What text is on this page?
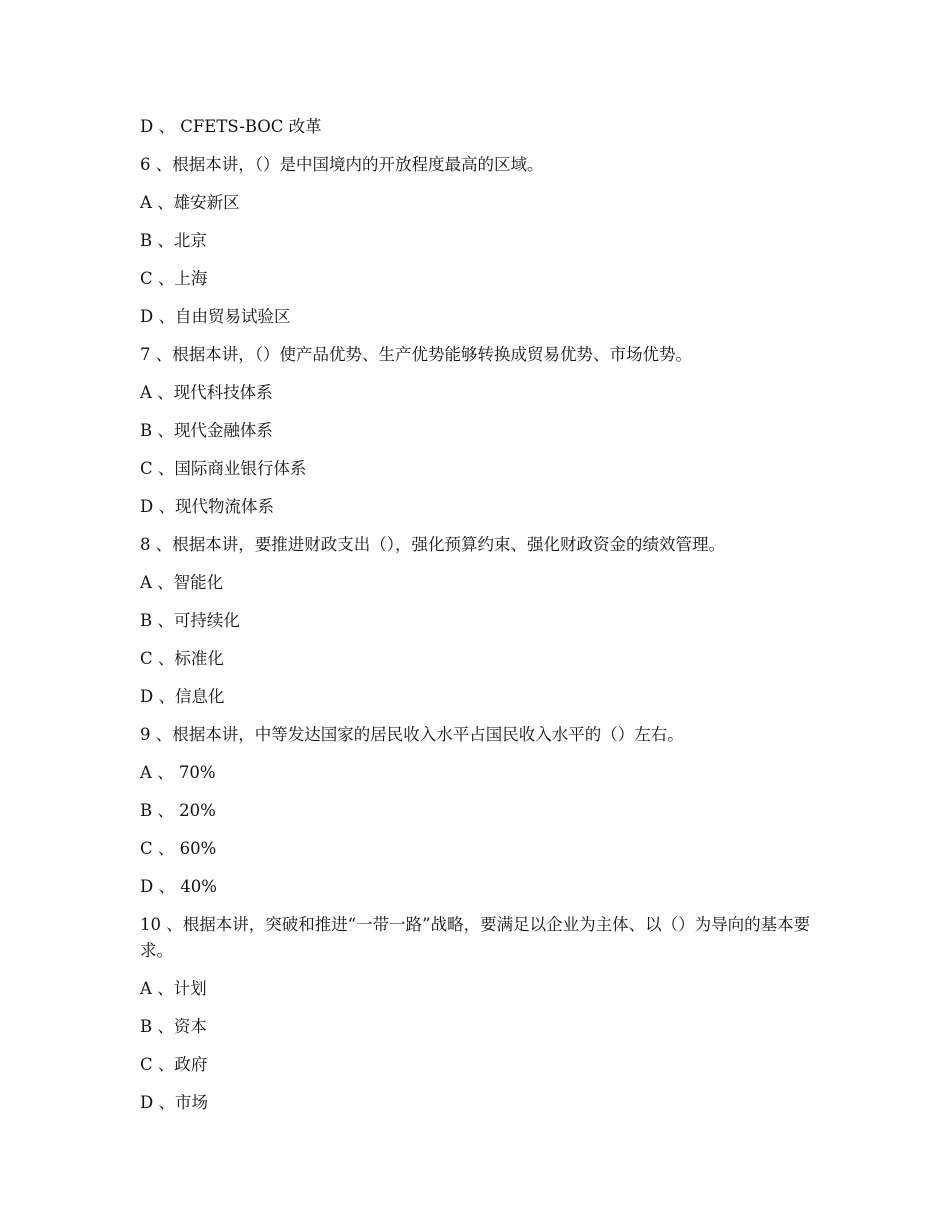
D 、 CFETS-BOC 改革
6 、根据本讲，（）是中国境内的开放程度最高的区域。
A 、雄安新区
B 、北京
C 、上海
D 、自由贸易试验区
7 、根据本讲，（）使产品优势、生产优势能够转换成贸易优势、市场优势。
A 、现代科技体系
B 、现代金融体系
C 、国际商业银行体系
D 、现代物流体系
8 、根据本讲，要推进财政支出（），强化预算约束、强化财政资金的绩效管理。
A 、智能化
B 、可持续化
C 、标准化
D 、信息化
9 、根据本讲，中等发达国家的居民收入水平占国民收入水平的（）左右。
A 、 70%
B 、 20%
C 、 60%
D 、 40%
10 、根据本讲，突破和推进“一带一路”战略，要满足以企业为主体、以（）为导向的基本要求。
A 、计划
B 、资本
C 、政府
D 、市场
